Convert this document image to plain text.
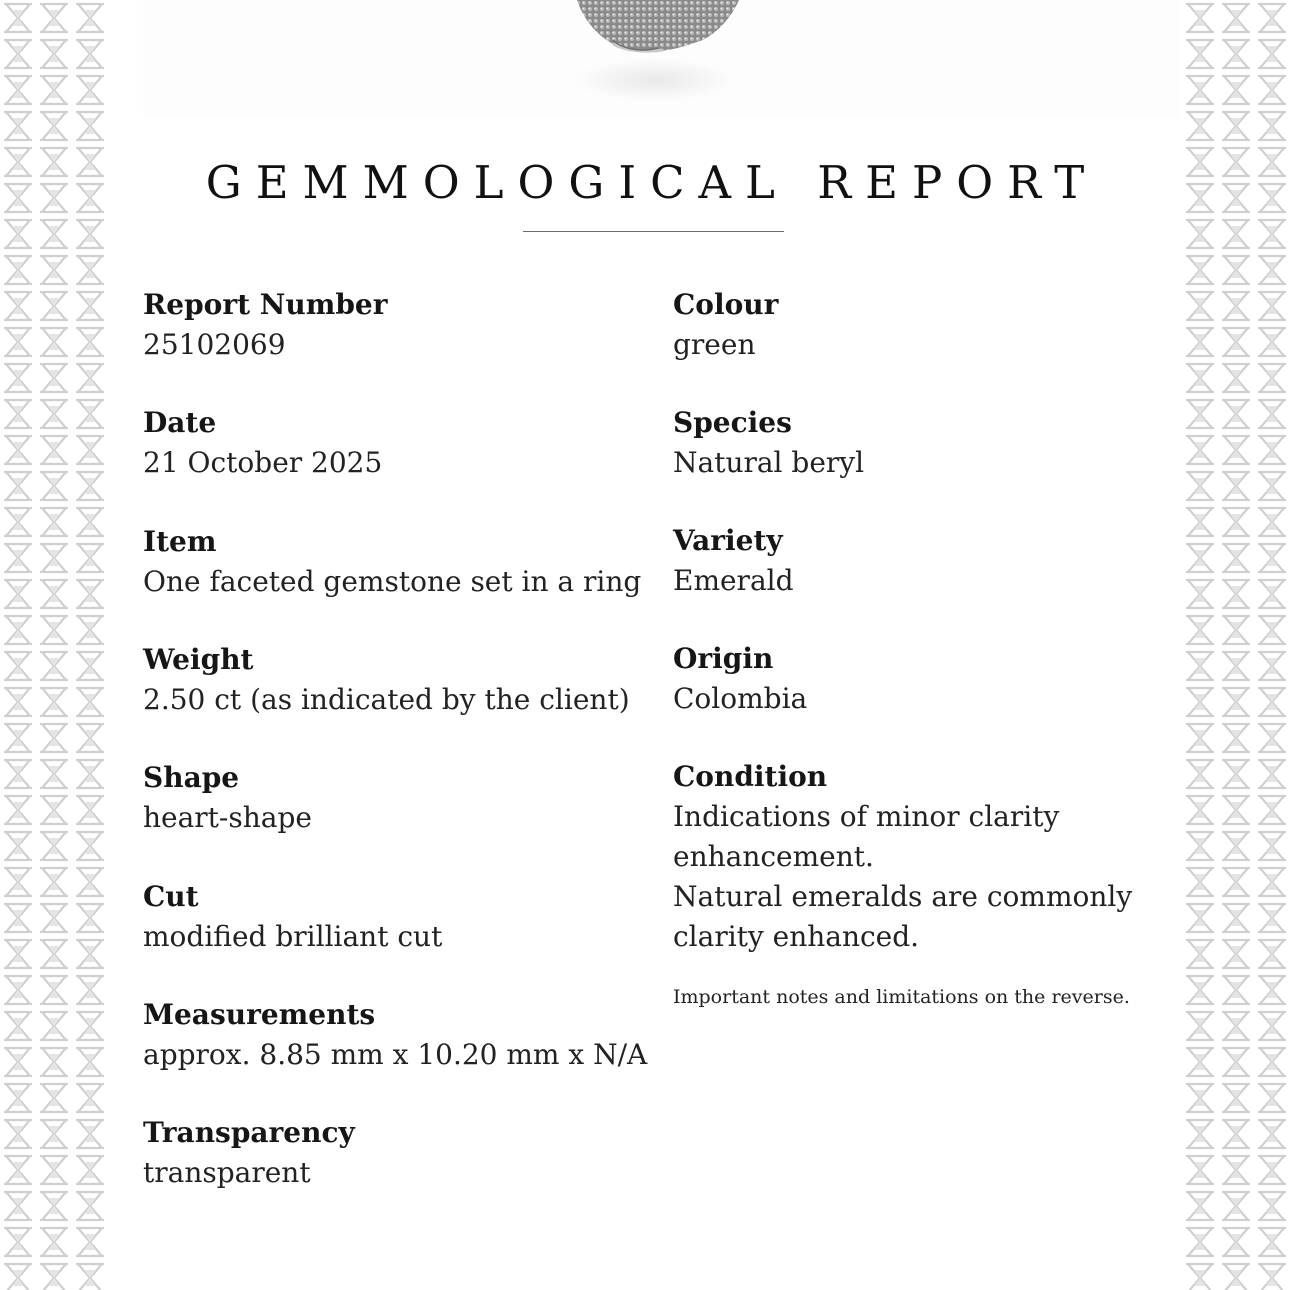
GEMMOLOGICAL REPORT
Report Number
25102069
Date
21 October 2025
Item
One faceted gemstone set in a ring
Weight
2.50 ct (as indicated by the client)
Shape
heart-shape
Cut
modified brilliant cut
Measurements
approx. 8.85 mm x 10.20 mm x N/A
Transparency
transparent
Colour
green
Species
Natural beryl
Variety
Emerald
Origin
Colombia
Condition
Indications of minor clarity enhancement.
Natural emeralds are commonly clarity enhanced.
Important notes and limitations on the reverse.
